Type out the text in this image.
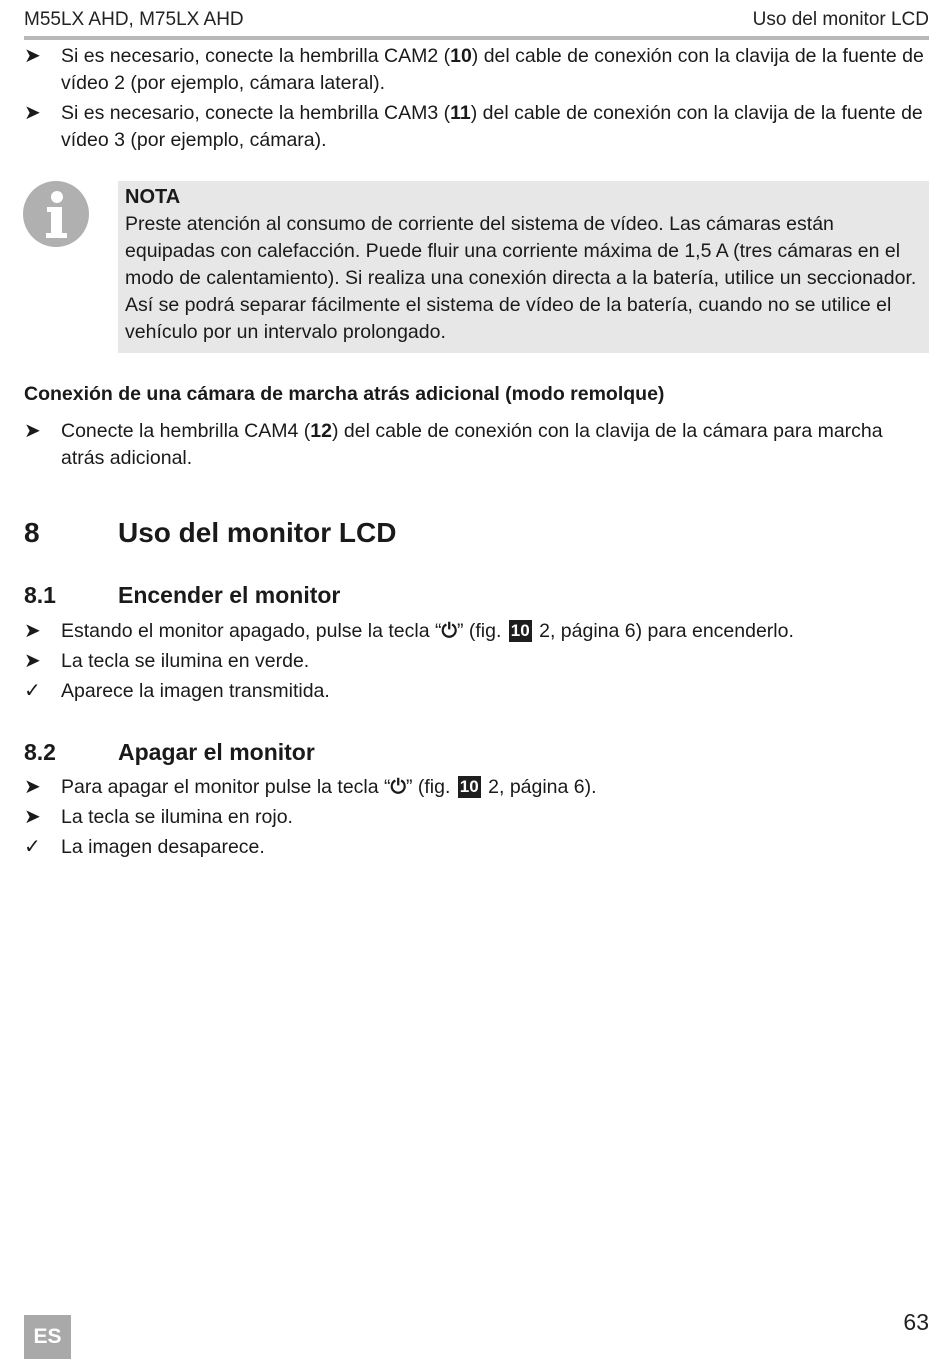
M55LX AHD, M75LX AHD	Uso del monitor LCD
➤	Si es necesario, conecte la hembrilla CAM2 (10) del cable de conexión con la clavija de la fuente de vídeo 2 (por ejemplo, cámara lateral).
➤	Si es necesario, conecte la hembrilla CAM3 (11) del cable de conexión con la clavija de la fuente de vídeo 3 (por ejemplo, cámara).
NOTA
Preste atención al consumo de corriente del sistema de vídeo. Las cámaras están equipadas con calefacción. Puede fluir una corriente máxima de 1,5 A (tres cámaras en el modo de calentamiento). Si realiza una conexión directa a la batería, utilice un seccionador. Así se podrá separar fácilmente el sistema de vídeo de la batería, cuando no se utilice el vehículo por un intervalo prolongado.
Conexión de una cámara de marcha atrás adicional (modo remolque)
➤	Conecte la hembrilla CAM4 (12) del cable de conexión con la clavija de la cámara para marcha atrás adicional.
8	Uso del monitor LCD
8.1	Encender el monitor
➤	Estando el monitor apagado, pulse la tecla “⏻” (fig. 10 2, página 6) para encenderlo.
➤	La tecla se ilumina en verde.
✓	Aparece la imagen transmitida.
8.2	Apagar el monitor
➤	Para apagar el monitor pulse la tecla “⏻” (fig. 10 2, página 6).
➤	La tecla se ilumina en rojo.
✓	La imagen desaparece.
ES
63
